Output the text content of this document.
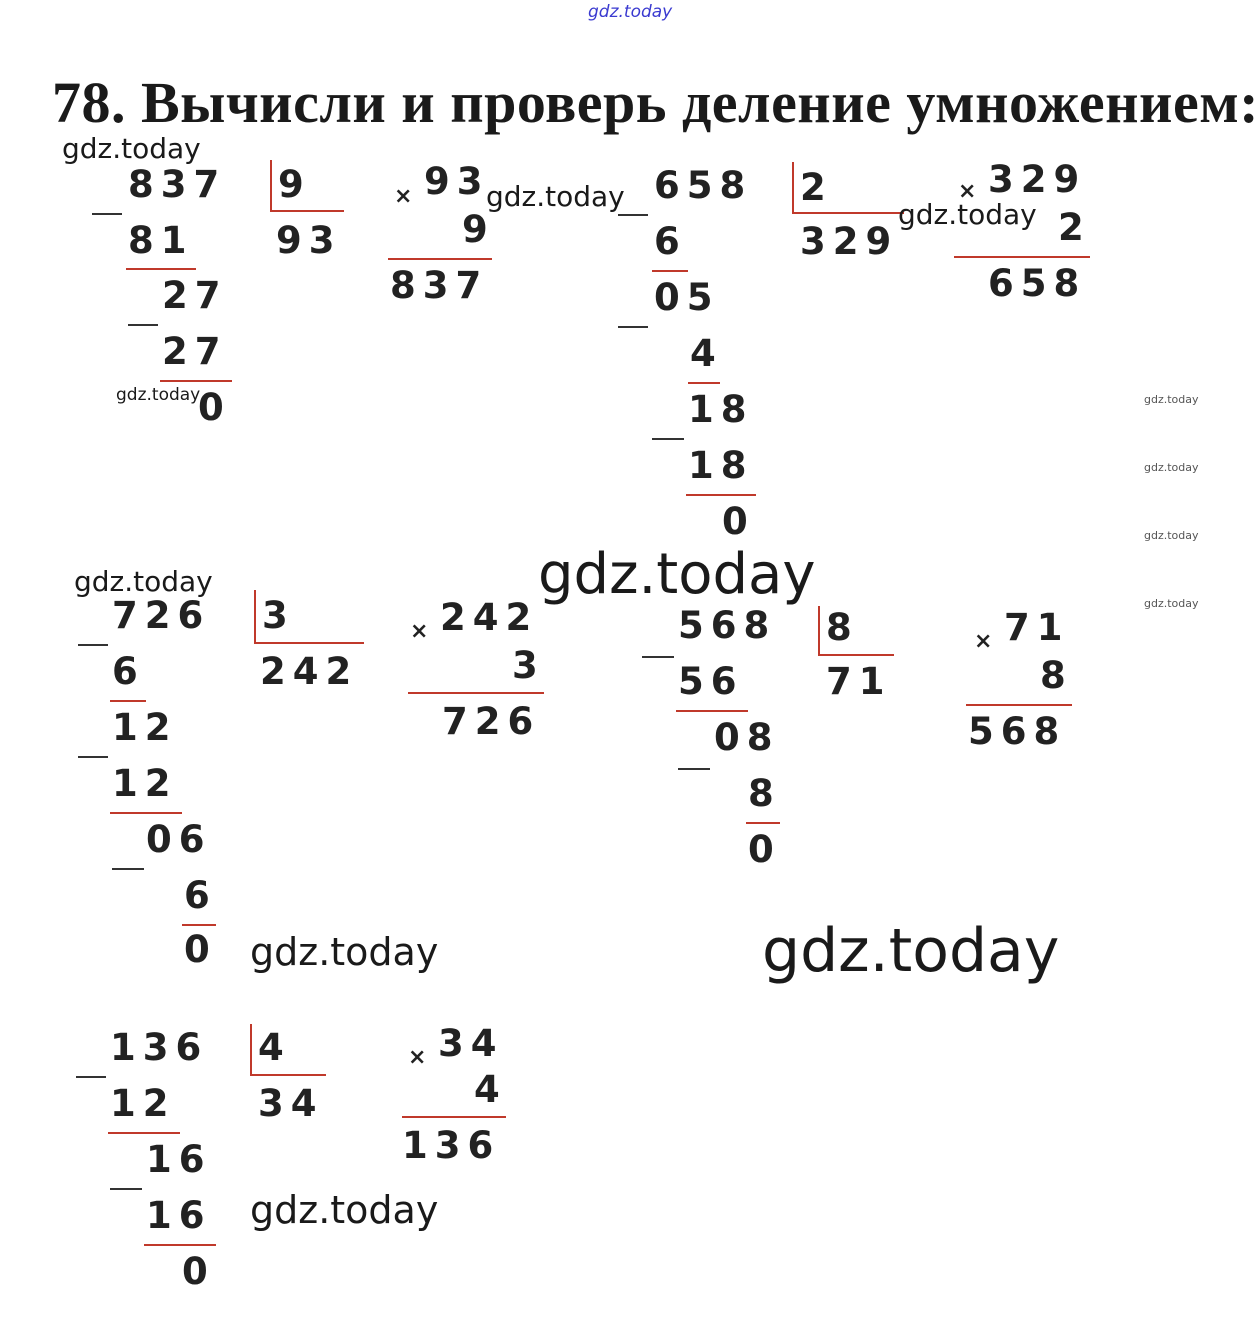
gdz.today
78. Вычисли и проверь деление умножением:
gdz.today
837
81
27
27
gdz.today
0
9
93
× 93
9
837
gdz.today 658
6
05
4
18
18
0
2
329
gdz.today
× 329
2
658
gdz.today
gdz.today
gdz.today
gdz.today
gdz.today
gdz.today
726
6
12
12
06
6
0
3
242
× 242
3
726
gdz.today
568
56
08
8
0
8
71
× 71
8
568
gdz.today
136
12
16
16
0
4
34
× 34
4
136
gdz.today
